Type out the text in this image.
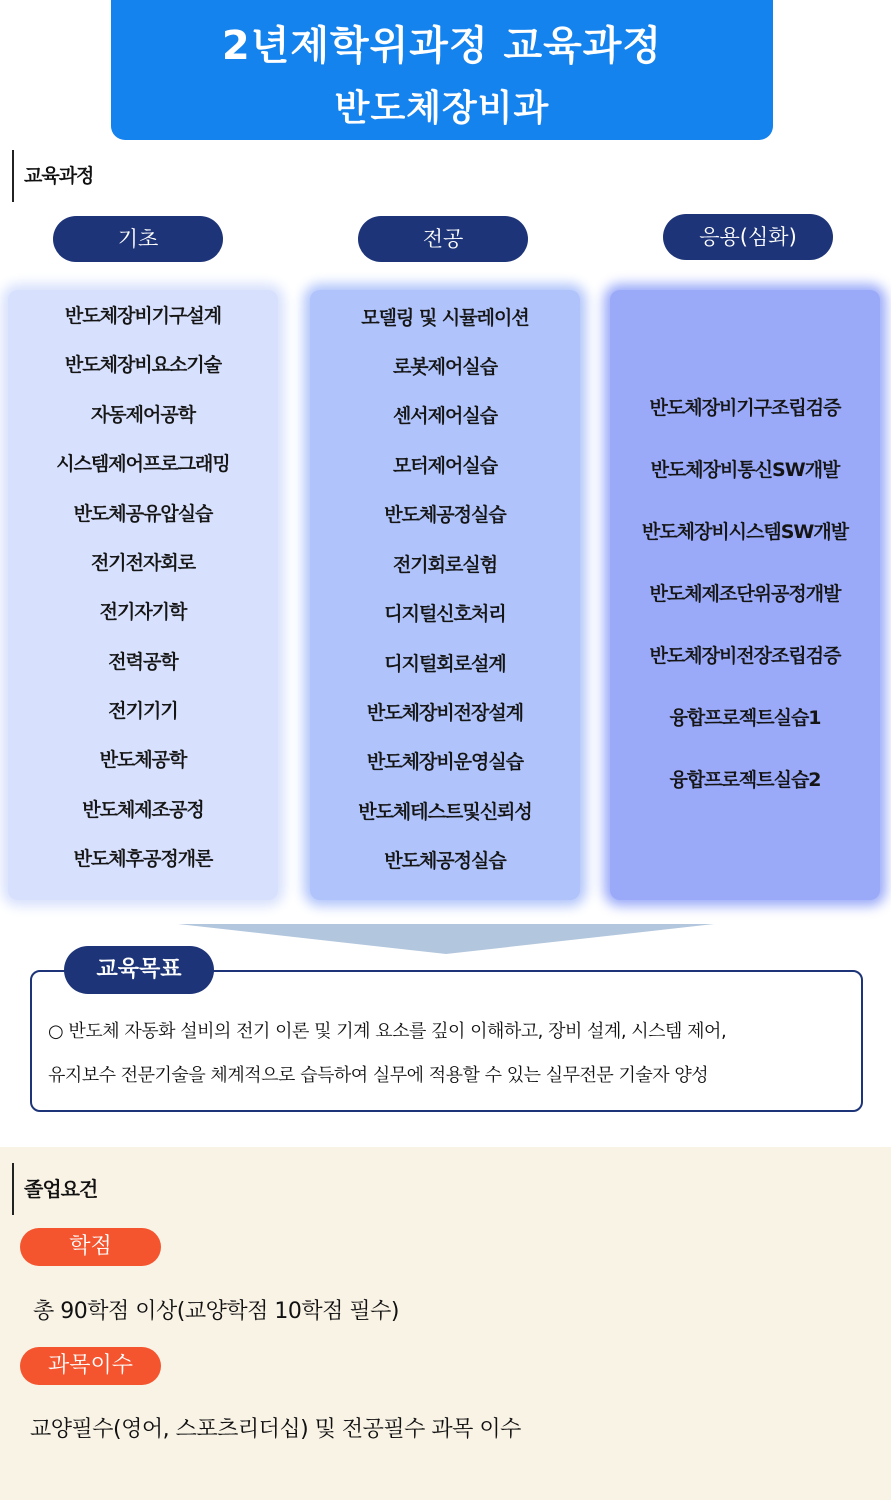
2년제학위과정 교육과정
반도체장비과
교육과정
기초	전공	응용(심화)
반도체장비기구설계
반도체장비요소기술
자동제어공학
시스템제어프로그래밍
반도체공유압실습
전기전자회로
전기자기학
전력공학
전기기기
반도체공학
반도체제조공정
반도체후공정개론
모델링 및 시뮬레이션
로봇제어실습
센서제어실습
모터제어실습
반도체공정실습
전기회로실험
디지털신호처리
디지털회로설계
반도체장비전장설계
반도체장비운영실습
반도체테스트및신뢰성
반도체공정실습
반도체장비기구조립검증
반도체장비통신SW개발
반도체장비시스템SW개발
반도체제조단위공정개발
반도체장비전장조립검증
융합프로젝트실습1
융합프로젝트실습2
교육목표
○ 반도체 자동화 설비의 전기 이론 및 기계 요소를 깊이 이해하고, 장비 설계, 시스템 제어,
유지보수 전문기술을 체계적으로 습득하여 실무에 적용할 수 있는 실무전문 기술자 양성
졸업요건
학점
총 90학점 이상(교양학점 10학점 필수)
과목이수
교양필수(영어, 스포츠리더십) 및 전공필수 과목 이수
